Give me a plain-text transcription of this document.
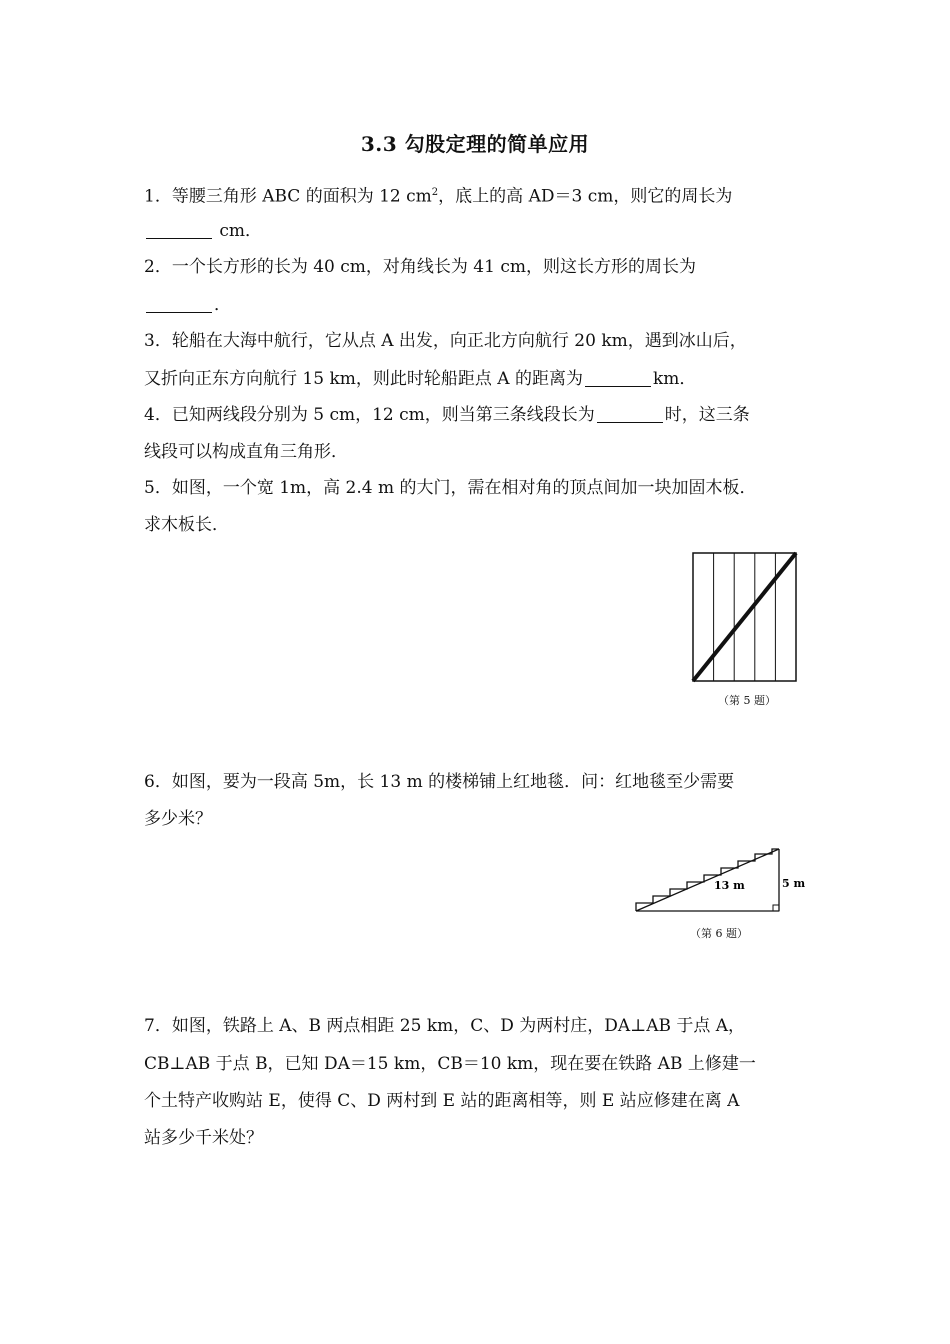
3.3 勾股定理的简单应用
1．等腰三角形 ABC 的面积为 12 $cm^2$，底上的高 AD＝3 cm，则它的周长为
cm．
2．一个长方形的长为 40 cm，对角线长为 41 cm，则这长方形的周长为
．
3．轮船在大海中航行，它从点 A 出发，向正北方向航行 20 km，遇到冰山后，
又折向正东方向航行 15 km，则此时轮船距点 A 的距离为	km．
4．已知两线段分别为 5 cm，12 cm，则当第三条线段长为	时，这三条
线段可以构成直角三角形．
5．如图，一个宽 1m，高 2.4 m 的大门，需在相对角的顶点间加一块加固木板．
求木板长．
（第 5 题）
6．如图，要为一段高 5m，长 13 m 的楼梯铺上红地毯．问：红地毯至少需要
多少米？
13 m	5 m
（第 6 题）
7．如图，铁路上 A、B 两点相距 25 km，C、D 为两村庄，DA⊥AB 于点 A，
CB⊥AB 于点 B，已知 DA＝15 km，CB＝10 km，现在要在铁路 AB 上修建一
个土特产收购站 E，使得 C、D 两村到 E 站的距离相等，则 E 站应修建在离 A
站多少千米处？
